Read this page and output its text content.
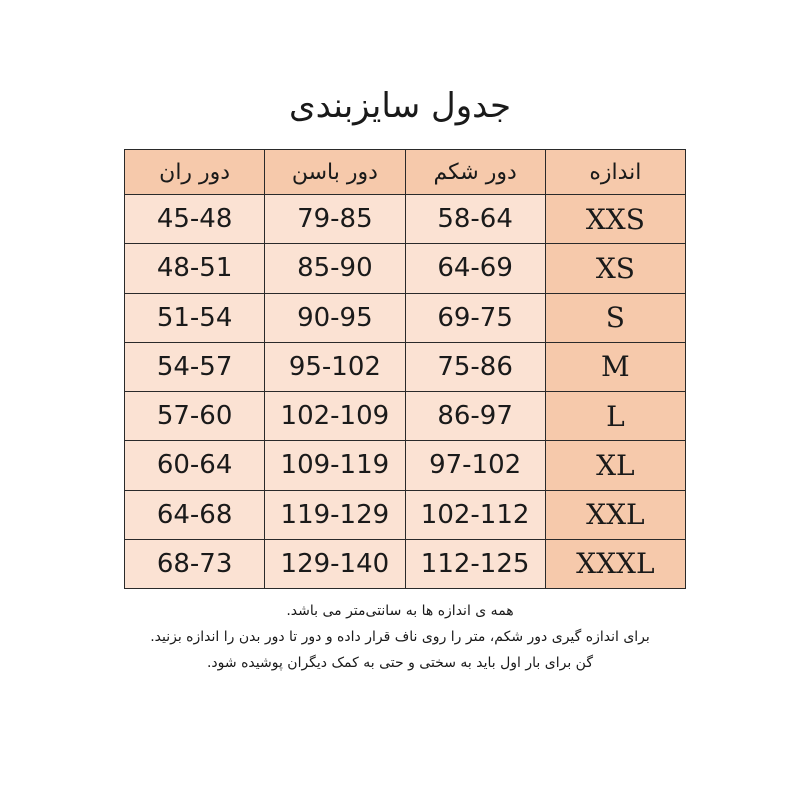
جدول سایزبندی
دور ران	دور باسن	دور شکم	اندازه
45-48	79-85	58-64	XXS
48-51	85-90	64-69	XS
51-54	90-95	69-75	S
54-57	95-102	75-86	M
57-60	102-109	86-97	L
60-64	109-119	97-102	XL
64-68	119-129	102-112	XXL
68-73	129-140	112-125	XXXL
همه ی اندازه ها به سانتی‌متر می باشد.
برای اندازه گیری دور شکم، متر را روی ناف قرار داده و دور تا دور بدن را اندازه بزنید.
گن برای بار اول باید به سختی و حتی به کمک دیگران پوشیده شود.
